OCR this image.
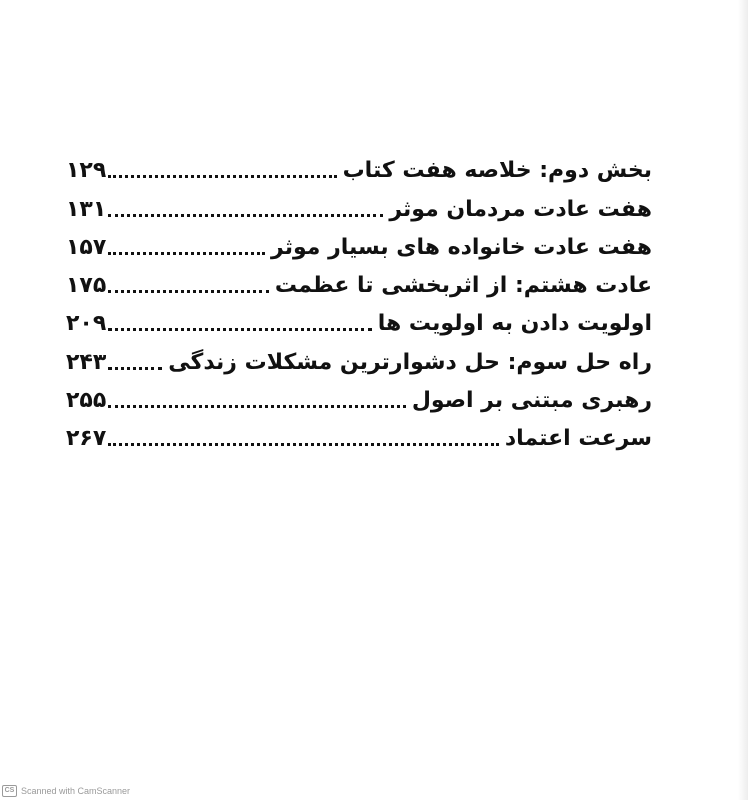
بخش دوم: خلاصه هفت کتاب
۱۲۹
هفت عادت مردمان موثر
۱۳۱
هفت عادت خانواده های بسیار موثر
۱۵۷
عادت هشتم: از اثربخشی تا عظمت
۱۷۵
اولویت دادن به اولویت ها
۲۰۹
راه حل سوم: حل دشوارترین مشکلات زندگی
۲۴۳
رهبری مبتنی بر اصول
۲۵۵
سرعت اعتماد
۲۶۷
CS Scanned with CamScanner
